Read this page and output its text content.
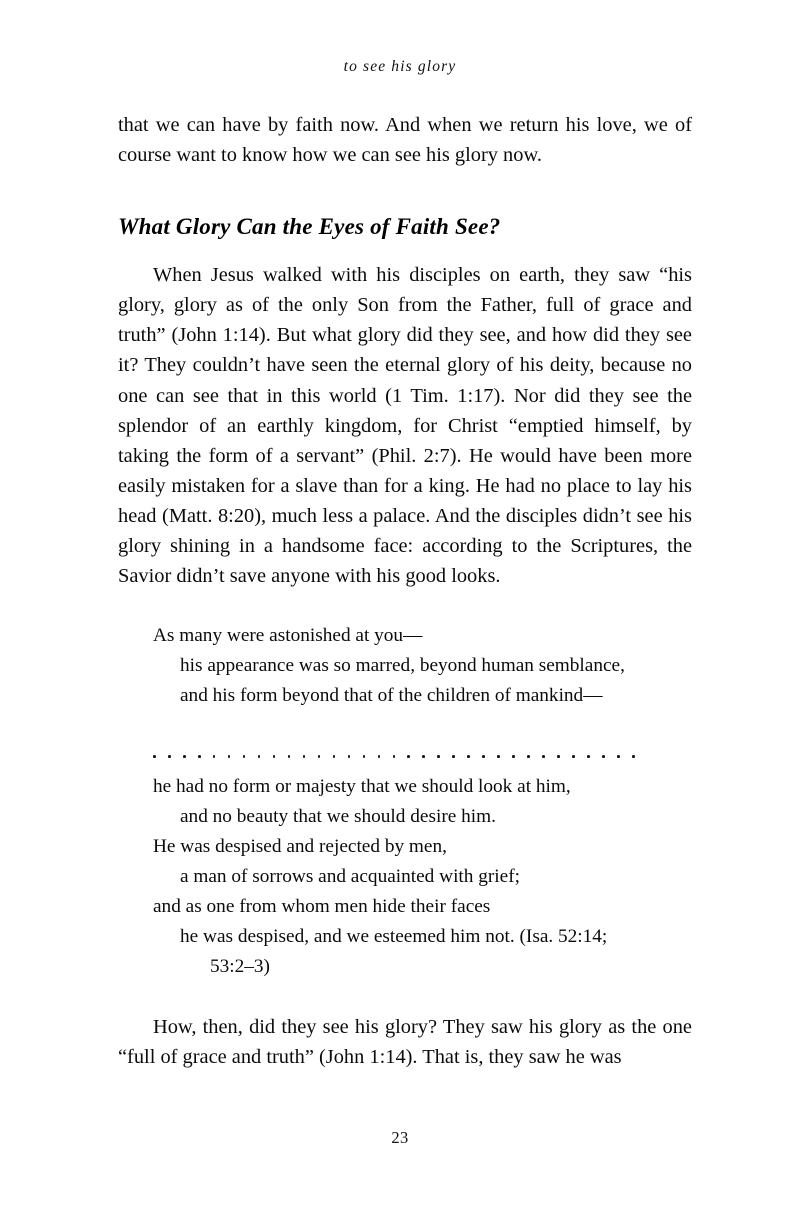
to see his glory

that we can have by faith now. And when we return his love, we of course want to know how we can see his glory now.

What Glory Can the Eyes of Faith See?

When Jesus walked with his disciples on earth, they saw “his glory, glory as of the only Son from the Father, full of grace and truth” (John 1:14). But what glory did they see, and how did they see it? They couldn’t have seen the eternal glory of his deity, because no one can see that in this world (1 Tim. 1:17). Nor did they see the splendor of an earthly kingdom, for Christ “emptied himself, by taking the form of a servant” (Phil. 2:7). He would have been more easily mistaken for a slave than for a king. He had no place to lay his head (Matt. 8:20), much less a palace. And the disciples didn’t see his glory shining in a handsome face: according to the Scriptures, the Savior didn’t save anyone with his good looks.

As many were astonished at you—
his appearance was so marred, beyond human semblance,
and his form beyond that of the children of mankind—
he had no form or majesty that we should look at him,
and no beauty that we should desire him.
He was despised and rejected by men,
a man of sorrows and acquainted with grief;
and as one from whom men hide their faces
he was despised, and we esteemed him not. (Isa. 52:14;
53:2–3)

How, then, did they see his glory? They saw his glory as the one “full of grace and truth” (John 1:14). That is, they saw he was

23
